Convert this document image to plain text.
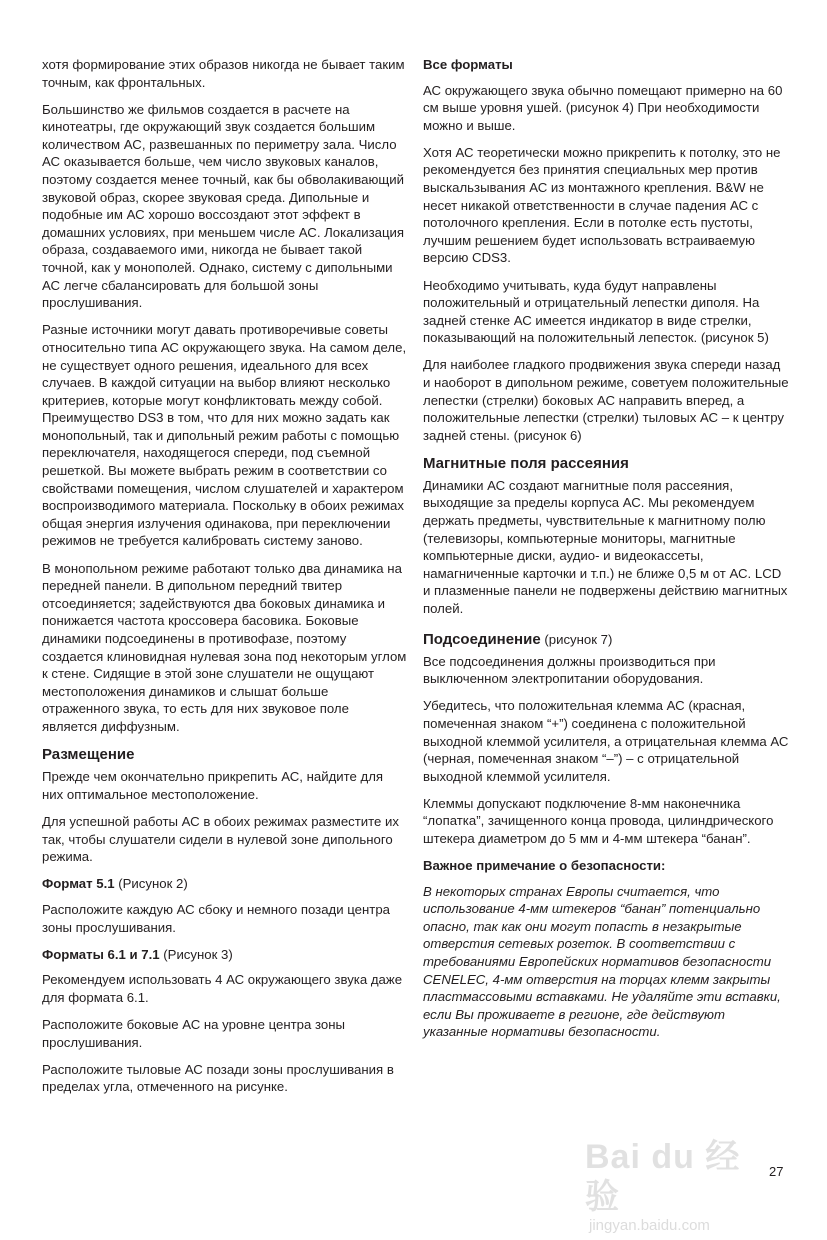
хотя формирование этих образов никогда не бывает таким точным, как фронтальных.

Большинство же фильмов создается в расчете на кинотеатры, где окружающий звук создается большим количеством АС, развешанных по периметру зала. Число АС оказывается больше, чем число звуковых каналов, поэтому создается менее точный, как бы обволакивающий звуковой образ, скорее звуковая среда. Дипольные и подобные им АС хорошо воссоздают этот эффект в домашних условиях, при меньшем числе АС. Локализация образа, создаваемого ими, никогда не бывает такой точной, как у монополей. Однако, систему с дипольными АС легче сбалансировать для большой зоны прослушивания.

Разные источники могут давать противоречивые советы относительно типа АС окружающего звука. На самом деле, не существует одного решения, идеального для всех случаев. В каждой ситуации на выбор влияют несколько критериев, которые могут конфликтовать между собой. Преимущество DS3 в том, что для них можно задать как монопольный, так и дипольный режим работы с помощью переключателя, находящегося спереди, под съемной решеткой. Вы можете выбрать режим в соответствии со свойствами помещения, числом слушателей и характером воспроизводимого материала. Поскольку в обоих режимах общая энергия излучения одинакова, при переключении режимов не требуется калибровать систему заново.

В монопольном режиме работают только два динамика на передней панели. В дипольном передний твитер отсоединяется; задействуются два боковых динамика и понижается частота кроссовера басовика. Боковые динамики подсоединены в противофазе, поэтому создается клиновидная нулевая зона под некоторым углом к стене. Сидящие в этой зоне слушатели не ощущают местоположения динамиков и слышат больше отраженного звука, то есть для них звуковое поле является диффузным.

Размещение

Прежде чем окончательно прикрепить АС, найдите для них оптимальное местоположение.

Для успешной работы АС в обоих режимах разместите их так, чтобы слушатели сидели в нулевой зоне дипольного режима.

Формат 5.1 (Рисунок 2)

Расположите каждую АС сбоку и немного позади центра зоны прослушивания.

Форматы 6.1 и 7.1 (Рисунок 3)

Рекомендуем использовать 4 АС окружающего звука даже для формата 6.1.

Расположите боковые АС на уровне центра зоны прослушивания.

Расположите тыловые АС позади зоны прослушивания в пределах угла, отмеченного на рисунке.

Все форматы

АС окружающего звука обычно помещают примерно на 60 см выше уровня ушей. (рисунок 4) При необходимости можно и выше.

Хотя АС теоретически можно прикрепить к потолку, это не рекомендуется без принятия специальных мер против выскальзывания АС из монтажного крепления. B&W не несет никакой ответственности в случае падения АС с потолочного крепления. Если в потолке есть пустоты, лучшим решением будет использовать встраиваемую версию CDS3.

Необходимо учитывать, куда будут направлены положительный и отрицательный лепестки диполя. На задней стенке АС имеется индикатор в виде стрелки, показывающий на положительный лепесток. (рисунок 5)

Для наиболее гладкого продвижения звука спереди назад и наоборот в дипольном режиме, советуем положительные лепестки (стрелки) боковых АС направить вперед, а положительные лепестки (стрелки) тыловых АС – к центру задней стены. (рисунок 6)

Магнитные поля рассеяния

Динамики АС создают магнитные поля рассеяния, выходящие за пределы корпуса АС. Мы рекомендуем держать предметы, чувствительные к магнитному полю (телевизоры, компьютерные мониторы, магнитные компьютерные диски, аудио- и видеокассеты, намагниченные карточки и т.п.) не ближе 0,5 м от АС. LCD и плазменные панели не подвержены действию магнитных полей.

Подсоединение (рисунок 7)

Все подсоединения должны производиться при выключенном электропитании оборудования.

Убедитесь, что положительная клемма АС (красная, помеченная знаком “+”) соединена с положительной выходной клеммой усилителя, а отрицательная клемма АС (черная, помеченная знаком “–”) – с отрицательной выходной клеммой усилителя.

Клеммы допускают подключение 8-мм наконечника “лопатка”, зачищенного конца провода, цилиндрического штекера диаметром до 5 мм и 4-мм штекера “банан”.

Важное примечание о безопасности:

В некоторых странах Европы считается, что использование 4-мм штекеров “банан” потенциально опасно, так как они могут попасть в незакрытые отверстия сетевых розеток. В соответствии с требованиями Европейских нормативов безопасности CENELEC, 4-мм отверстия на торцах клемм закрыты пластмассовыми вставками. Не удаляйте эти вставки, если Вы проживаете в регионе, где действуют указанные нормативы безопасности.

Bai du 经验
jingyan.baidu.com
27
